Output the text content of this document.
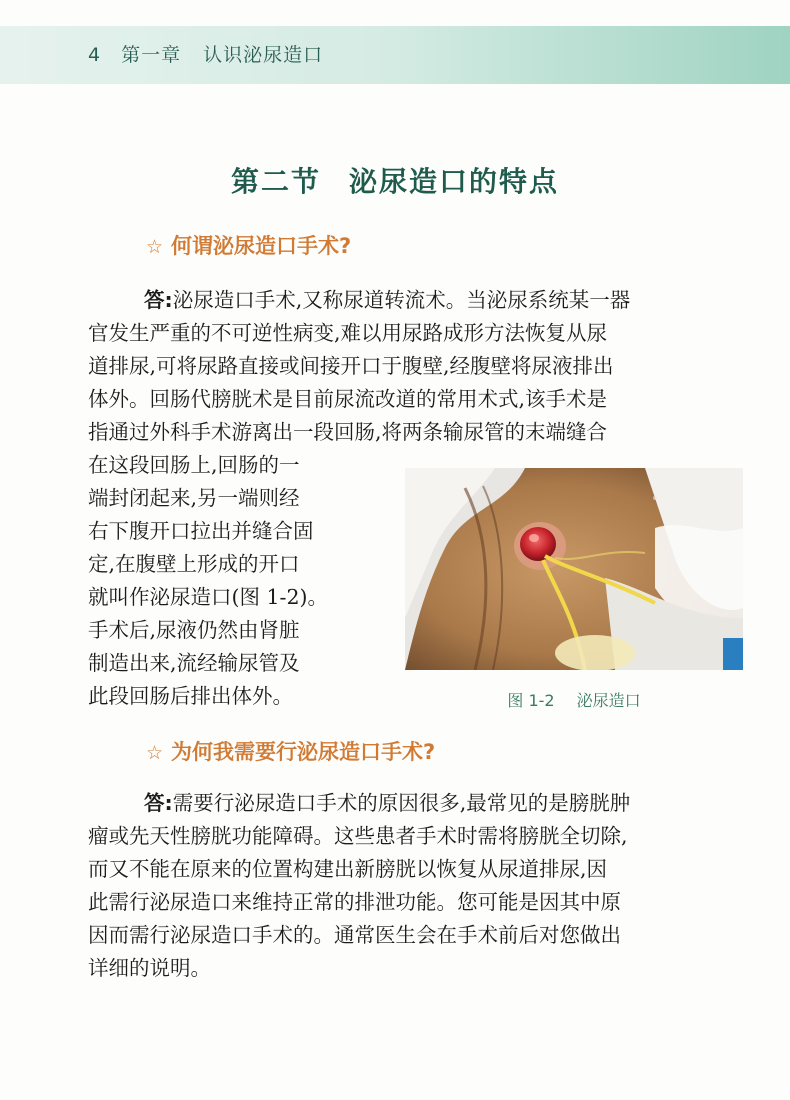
4 第一章 认识泌尿造口
第二节 泌尿造口的特点
☆ 何谓泌尿造口手术?
答:泌尿造口手术,又称尿道转流术。当泌尿系统某一器
官发生严重的不可逆性病变,难以用尿路成形方法恢复从尿
道排尿,可将尿路直接或间接开口于腹壁,经腹壁将尿液排出
体外。回肠代膀胱术是目前尿流改道的常用术式,该手术是
指通过外科手术游离出一段回肠,将两条输尿管的末端缝合
在这段回肠上,回肠的一
端封闭起来,另一端则经
右下腹开口拉出并缝合固
定,在腹壁上形成的开口
就叫作泌尿造口(图 1-2)。
手术后,尿液仍然由肾脏
制造出来,流经输尿管及
此段回肠后排出体外。	图 1-2 泌尿造口
☆ 为何我需要行泌尿造口手术?
答:需要行泌尿造口手术的原因很多,最常见的是膀胱肿
瘤或先天性膀胱功能障碍。这些患者手术时需将膀胱全切除,
而又不能在原来的位置构建出新膀胱以恢复从尿道排尿,因
此需行泌尿造口来维持正常的排泄功能。您可能是因其中原
因而需行泌尿造口手术的。通常医生会在手术前后对您做出
详细的说明。
